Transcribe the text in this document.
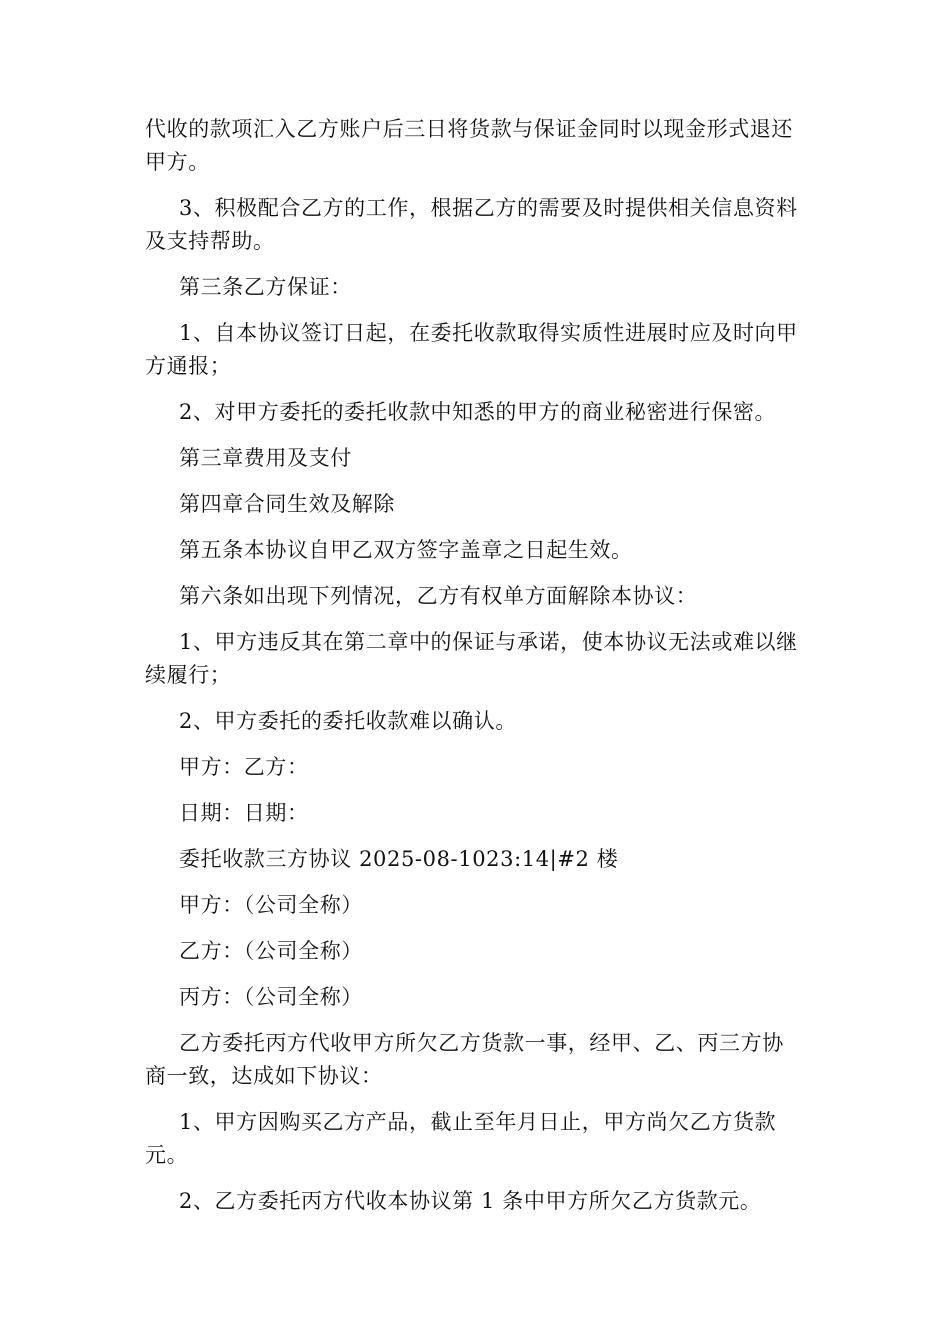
代收的款项汇入乙方账户后三日将货款与保证金同时以现金形式退还甲方。

3、积极配合乙方的工作，根据乙方的需要及时提供相关信息资料及支持帮助。

第三条乙方保证：

1、自本协议签订日起，在委托收款取得实质性进展时应及时向甲方通报；

2、对甲方委托的委托收款中知悉的甲方的商业秘密进行保密。

第三章费用及支付

第四章合同生效及解除

第五条本协议自甲乙双方签字盖章之日起生效。

第六条如出现下列情况，乙方有权单方面解除本协议：

1、甲方违反其在第二章中的保证与承诺，使本协议无法或难以继续履行；

2、甲方委托的委托收款难以确认。

甲方：乙方：

日期：日期：

委托收款三方协议 2025-08-1023:14|#2 楼

甲方：（公司全称）

乙方：（公司全称）

丙方：（公司全称）

乙方委托丙方代收甲方所欠乙方货款一事，经甲、乙、丙三方协商一致，达成如下协议：

1、甲方因购买乙方产品，截止至年月日止，甲方尚欠乙方货款元。

2、乙方委托丙方代收本协议第 1 条中甲方所欠乙方货款元。
